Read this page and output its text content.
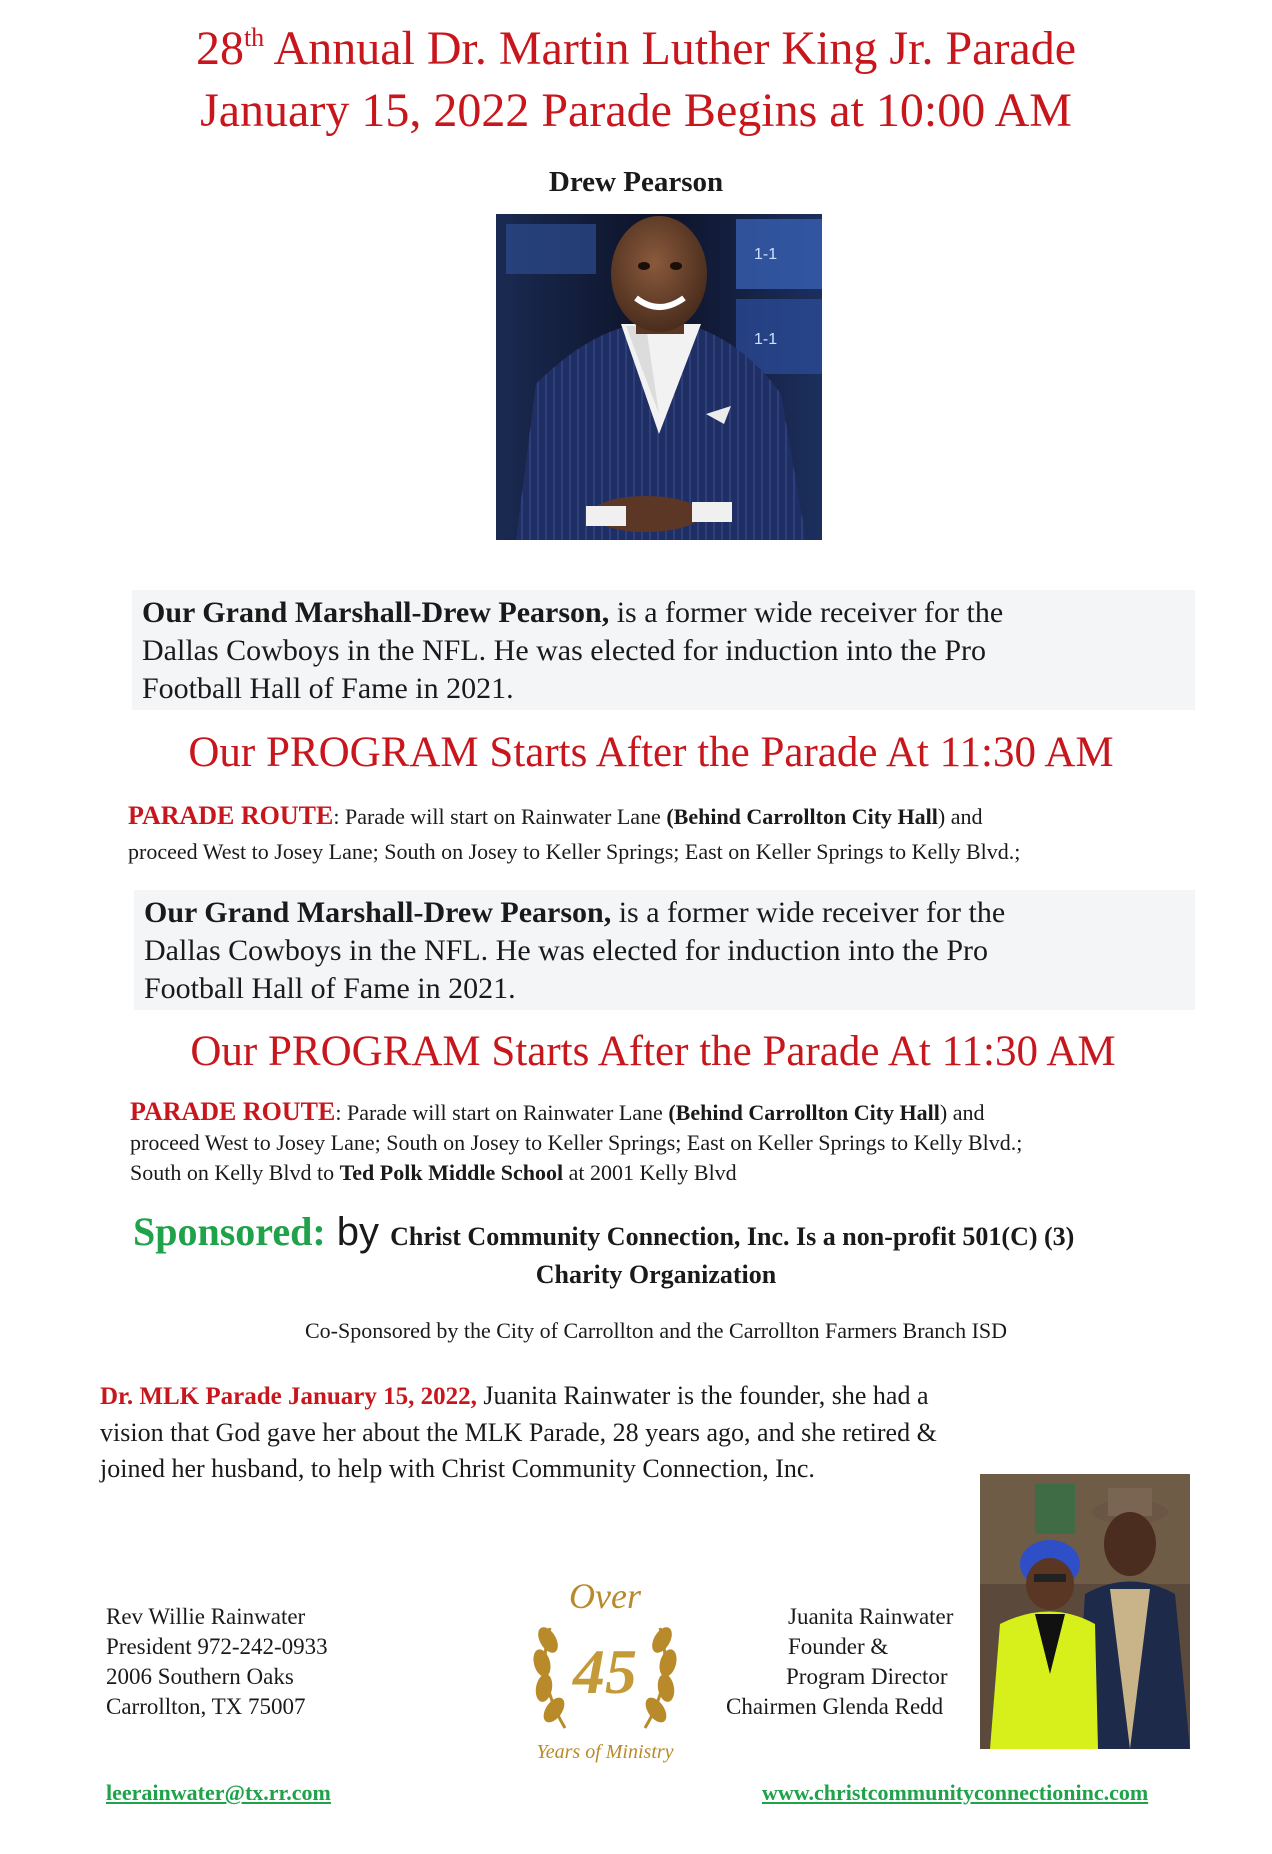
28th Annual Dr. Martin Luther King Jr. Parade
January 15, 2022 Parade Begins at 10:00 AM
Drew Pearson
1-1
1-1
Our Grand Marshall-Drew Pearson, is a former wide receiver for the
Dallas Cowboys in the NFL. He was elected for induction into the Pro
Football Hall of Fame in 2021.
Our PROGRAM Starts After the Parade At 11:30 AM
PARADE ROUTE: Parade will start on Rainwater Lane (Behind Carrollton City Hall) and
proceed West to Josey Lane; South on Josey to Keller Springs; East on Keller Springs to Kelly Blvd.;
Our Grand Marshall-Drew Pearson, is a former wide receiver for the
Dallas Cowboys in the NFL. He was elected for induction into the Pro
Football Hall of Fame in 2021.
Our PROGRAM Starts After the Parade At 11:30 AM
PARADE ROUTE: Parade will start on Rainwater Lane (Behind Carrollton City Hall) and
proceed West to Josey Lane; South on Josey to Keller Springs; East on Keller Springs to Kelly Blvd.;
South on Kelly Blvd to Ted Polk Middle School at 2001 Kelly Blvd
Sponsored: by Christ Community Connection, Inc. Is a non-profit 501(C) (3)
Charity Organization
Co-Sponsored by the City of Carrollton and the Carrollton Farmers Branch ISD
Dr. MLK Parade January 15, 2022, Juanita Rainwater is the founder, she had a
vision that God gave her about the MLK Parade, 28 years ago, and she retired &
joined her husband, to help with Christ Community Connection, Inc.
Rev Willie Rainwater
President 972-242-0933
2006 Southern Oaks
Carrollton, TX 75007
Over
45
Years of Ministry
Juanita Rainwater
Founder &
Program Director
Chairmen Glenda Redd
leerainwater@tx.rr.com	www.christcommunityconnectioninc.com
